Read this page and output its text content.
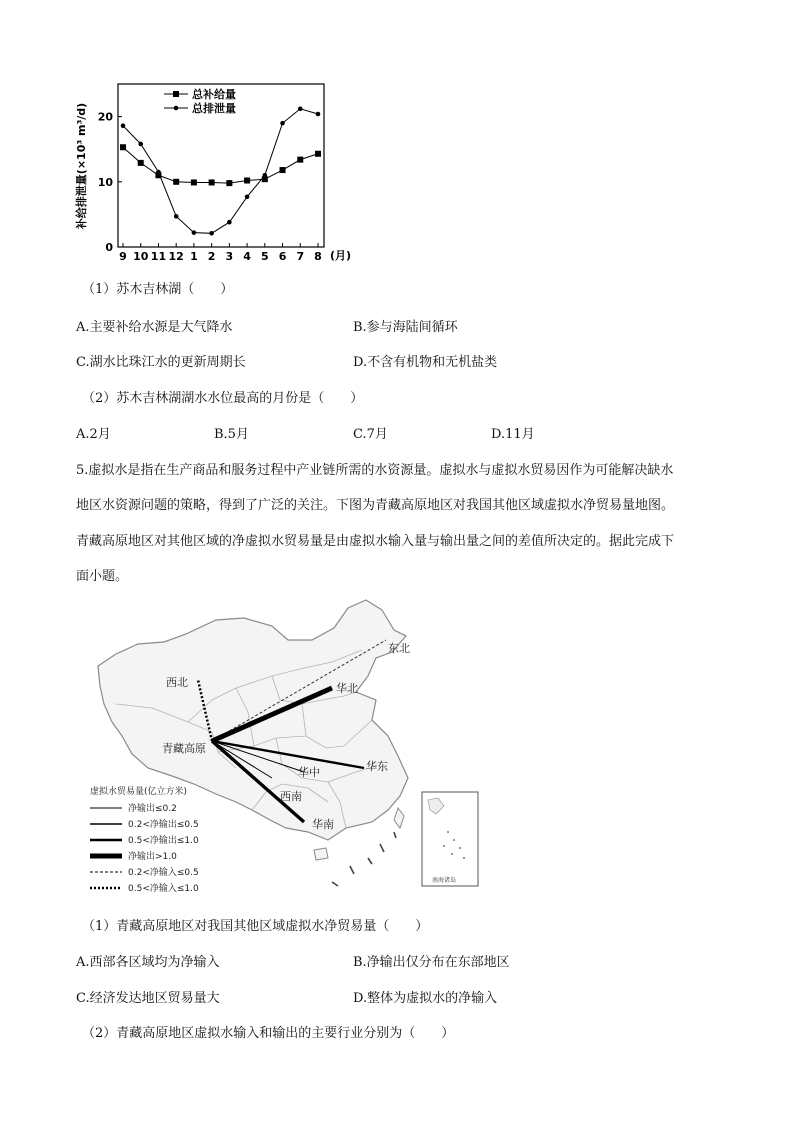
9 10 11 12 1 2 3 4 5 6 7 8
0
10
20
总补给量
总排泄量
补给排泄量(×10³ m³/d)
(月)
（1）苏木吉林湖（　　）
A.主要补给水源是大气降水	B.参与海陆间循环
C.湖水比珠江水的更新周期长	D.不含有机物和无机盐类
（2）苏木吉林湖湖水水位最高的月份是（　　）
A.2月	B.5月	C.7月	D.11月
5.虚拟水是指在生产商品和服务过程中产业链所需的水资源量。虚拟水与虚拟水贸易因作为可能解决缺水
地区水资源问题的策略，得到了广泛的关注。下图为青藏高原地区对我国其他区域虚拟水净贸易量地图。
青藏高原地区对其他区域的净虚拟水贸易量是由虚拟水输入量与输出量之间的差值所决定的。据此完成下
面小题。
东北
华北
西北
青藏高原
华中	华东
西南
华南
虚拟水贸易量(亿立方米)
净输出≤0.2
0.2<净输出≤0.5
0.5<净输出≤1.0
净输出>1.0
0.2<净输入≤0.5
0.5<净输入≤1.0
南海诸岛
（1）青藏高原地区对我国其他区域虚拟水净贸易量（　　）
A.西部各区域均为净输入	B.净输出仅分布在东部地区
C.经济发达地区贸易量大	D.整体为虚拟水的净输入
（2）青藏高原地区虚拟水输入和输出的主要行业分别为（　　）
